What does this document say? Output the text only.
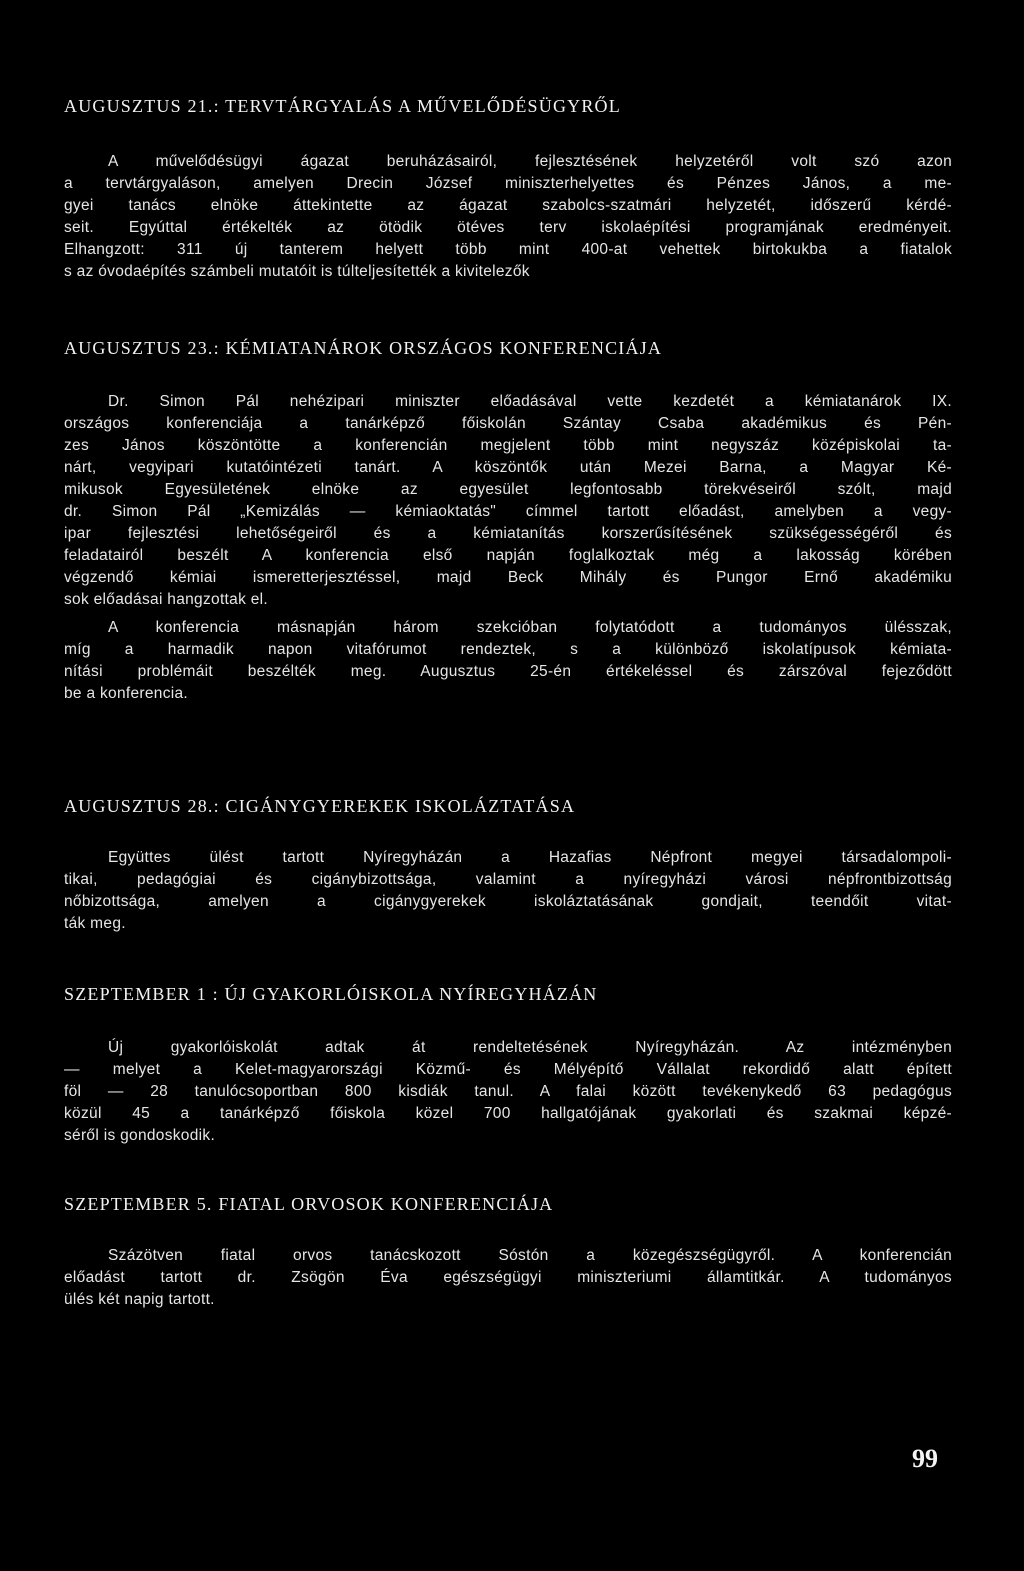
AUGUSZTUS 21.: TERVTÁRGYALÁS A MŰVELŐDÉSÜGYRŐL
A művelődésügyi ágazat beruházásairól, fejlesztésének helyzetéről volt szó azon
a tervtárgyaláson, amelyen Drecin József miniszterhelyettes és Pénzes János, a me-
gyei tanács elnöke áttekintette az ágazat szabolcs-szatmári helyzetét, időszerű kérdé-
seit. Egyúttal értékelték az ötödik ötéves terv iskolaépítési programjának eredményeit.
Elhangzott: 311 új tanterem helyett több mint 400-at vehettek birtokukba a fiatalok
s az óvodaépítés számbeli mutatóit is túlteljesítették a kivitelezők
AUGUSZTUS 23.: KÉMIATANÁROK ORSZÁGOS KONFERENCIÁJA
Dr. Simon Pál nehézipari miniszter előadásával vette kezdetét a kémiatanárok IX.
országos konferenciája a tanárképző főiskolán Szántay Csaba akadémikus és Pén-
zes János köszöntötte a konferencián megjelent több mint negyszáz középiskolai ta-
nárt, vegyipari kutatóintézeti tanárt. A köszöntők után Mezei Barna, a Magyar Ké-
mikusok Egyesületének elnöke az egyesület legfontosabb törekvéseiről szólt, majd
dr. Simon Pál „Kemizálás — kémiaoktatás" címmel tartott előadást, amelyben a vegy-
ipar fejlesztési lehetőségeiről és a kémiatanítás korszerűsítésének szükségességéről és
feladatairól beszélt A konferencia első napján foglalkoztak még a lakosság körében
végzendő kémiai ismeretterjesztéssel, majd Beck Mihály és Pungor Ernő akadémiku
sok előadásai hangzottak el.
A konferencia másnapján három szekcióban folytatódott a tudományos ülésszak,
míg a harmadik napon vitafórumot rendeztek, s a különböző iskolatípusok kémiata-
nítási problémáit beszélték meg. Augusztus 25-én értékeléssel és zárszóval fejeződött
be a konferencia.
AUGUSZTUS 28.: CIGÁNYGYEREKEK ISKOLÁZTATÁSA
Együttes ülést tartott Nyíregyházán a Hazafias Népfront megyei társadalompoli-
tikai, pedagógiai és cigánybizottsága, valamint a nyíregyházi városi népfrontbizottság
nőbizottsága, amelyen a cigánygyerekek iskoláztatásának gondjait, teendőit vitat-
ták meg.
SZEPTEMBER 1 : ÚJ GYAKORLÓISKOLA NYÍREGYHÁZÁN
Új gyakorlóiskolát adtak át rendeltetésének Nyíregyházán. Az intézményben
— melyet a Kelet-magyarországi Közmű- és Mélyépítő Vállalat rekordidő alatt épített
föl — 28 tanulócsoportban 800 kisdiák tanul. A falai között tevékenykedő 63 pedagógus
közül 45 a tanárképző főiskola közel 700 hallgatójának gyakorlati és szakmai képzé-
séről is gondoskodik.
SZEPTEMBER 5. FIATAL ORVOSOK KONFERENCIÁJA
Százötven fiatal orvos tanácskozott Sóstón a közegészségügyről. A konferencián
előadást tartott dr. Zsögön Éva egészségügyi miniszteriumi államtitkár. A tudományos
ülés két napig tartott.
99
